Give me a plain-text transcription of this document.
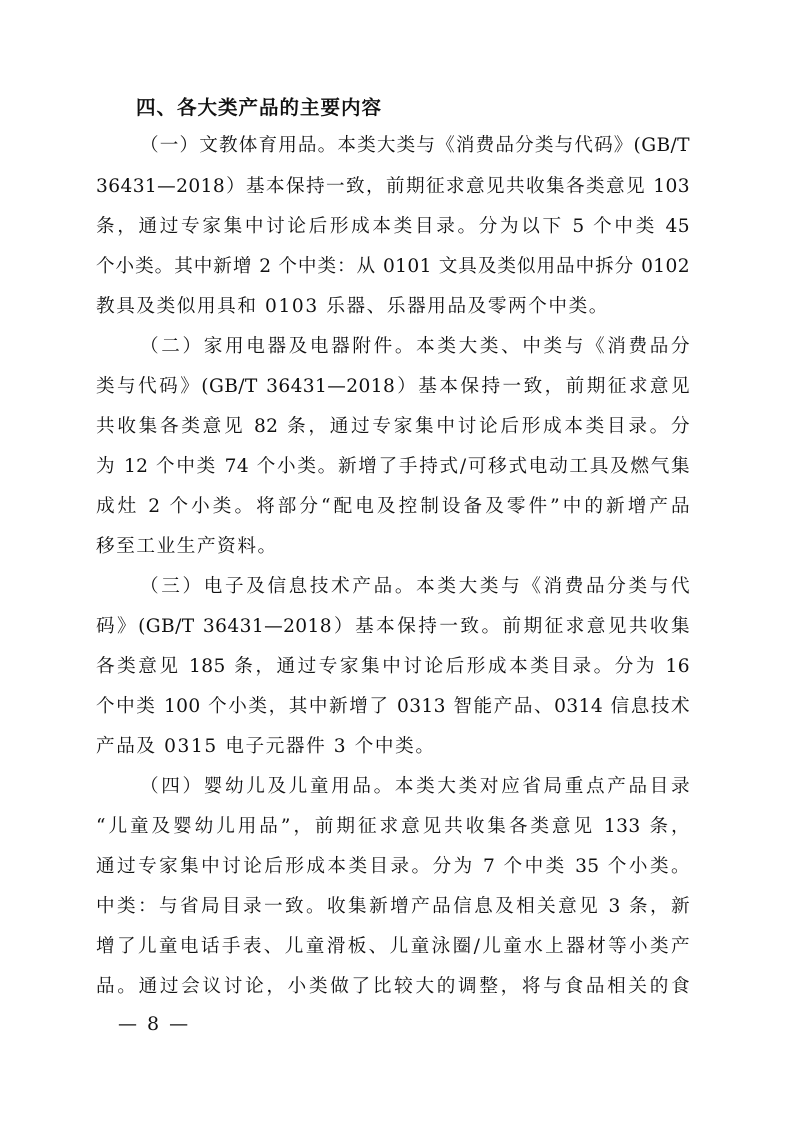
四、各大类产品的主要内容
（一）文教体育用品。本类大类与《消费品分类与代码》(GB/T
36431—2018）基本保持一致，前期征求意见共收集各类意见 103
条，通过专家集中讨论后形成本类目录。分为以下 5 个中类 45
个小类。其中新增 2 个中类：从 0101 文具及类似用品中拆分 0102
教具及类似用具和 0103 乐器、乐器用品及零两个中类。
（二）家用电器及电器附件。本类大类、中类与《消费品分
类与代码》(GB/T 36431—2018）基本保持一致，前期征求意见
共收集各类意见 82 条，通过专家集中讨论后形成本类目录。分
为 12 个中类 74 个小类。新增了手持式/可移式电动工具及燃气集
成灶 2 个小类。将部分“配电及控制设备及零件”中的新增产品
移至工业生产资料。
（三）电子及信息技术产品。本类大类与《消费品分类与代
码》(GB/T 36431—2018）基本保持一致。前期征求意见共收集
各类意见 185 条，通过专家集中讨论后形成本类目录。分为 16
个中类 100 个小类，其中新增了 0313 智能产品、0314 信息技术
产品及 0315 电子元器件 3 个中类。
（四）婴幼儿及儿童用品。本类大类对应省局重点产品目录
“儿童及婴幼儿用品”，前期征求意见共收集各类意见 133 条，
通过专家集中讨论后形成本类目录。分为 7 个中类 35 个小类。
中类：与省局目录一致。收集新增产品信息及相关意见 3 条，新
增了儿童电话手表、儿童滑板、儿童泳圈/儿童水上器材等小类产
品。通过会议讨论，小类做了比较大的调整，将与食品相关的食
— 8 —
